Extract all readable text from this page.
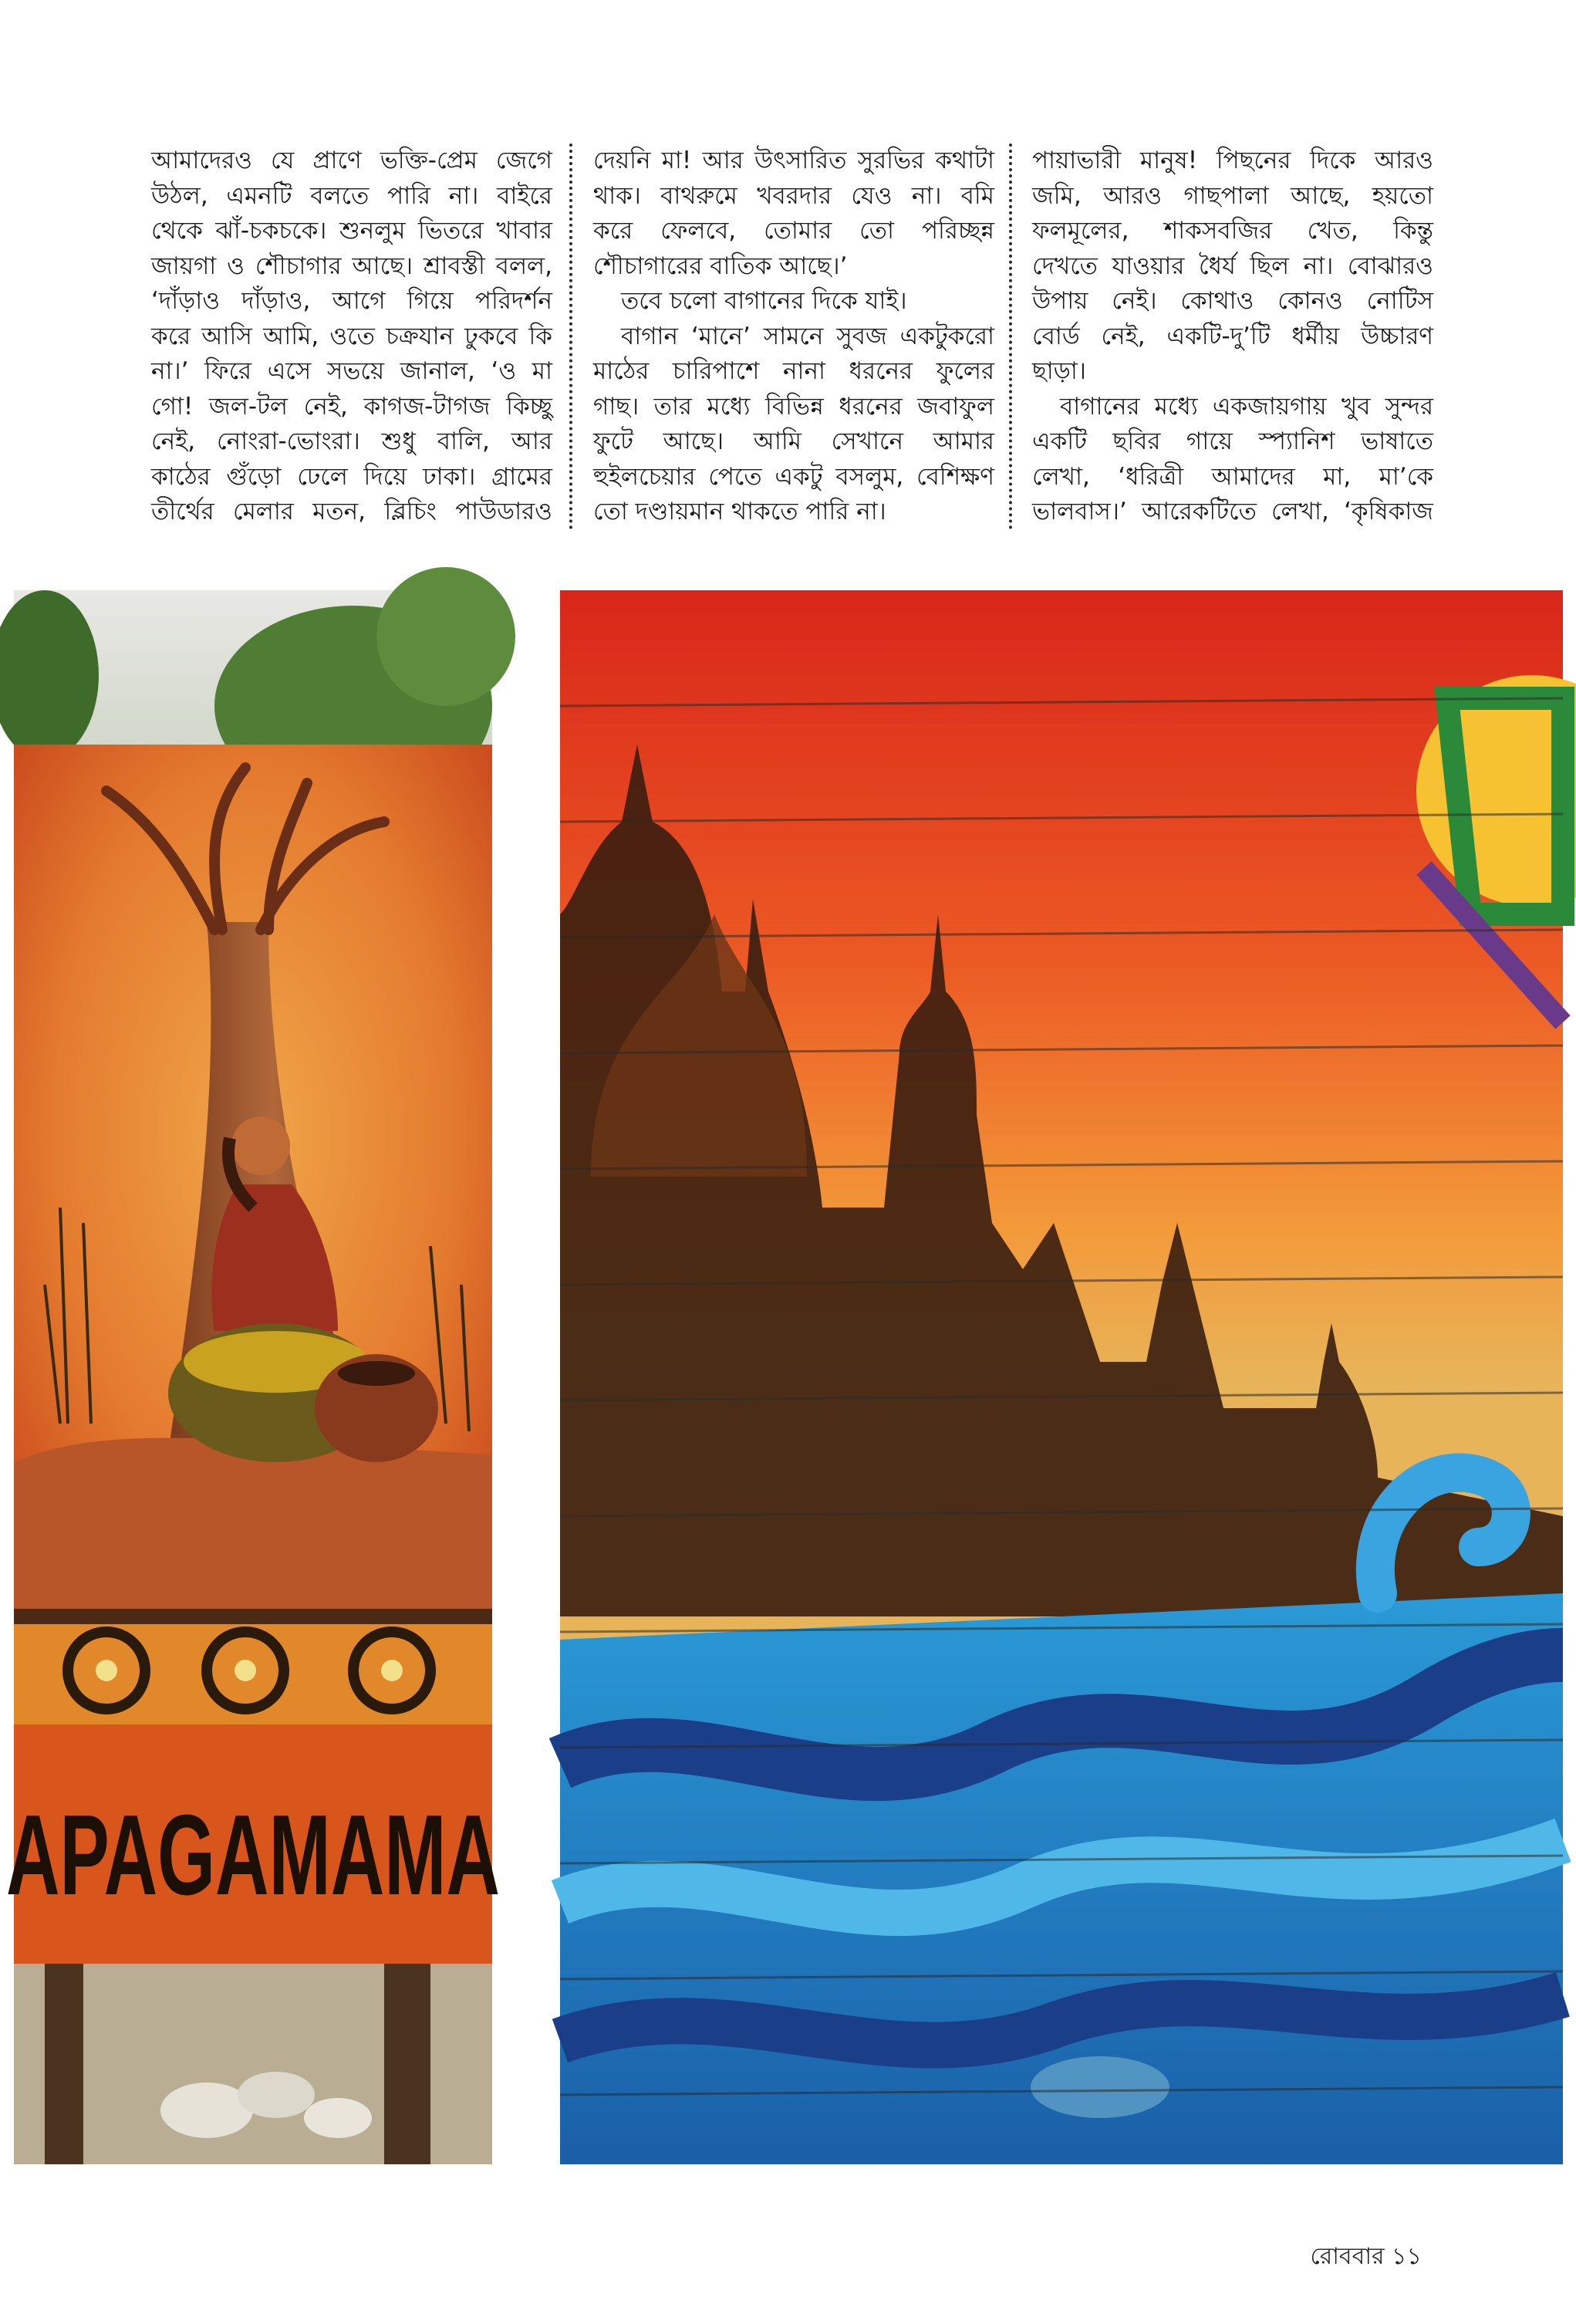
আমাদেরও যে প্রাণে ভক্তি-প্রেম জেগে

উঠল, এমনটি বলতে পারি না। বাইরে

থেকে ঝাঁ-চকচকে। শুনলুম ভিতরে খাবার

জায়গা ও শৌচাগার আছে। শ্রাবস্তী বলল,

‘দাঁড়াও দাঁড়াও, আগে গিয়ে পরিদর্শন

করে আসি আমি, ওতে চক্রযান ঢুকবে কি

না।’ ফিরে এসে সভয়ে জানাল, ‘ও মা

গো! জল-টল নেই, কাগজ-টাগজ কিচ্ছু

নেই, নোংরা-ভোংরা। শুধু বালি, আর

কাঠের গুঁড়ো ঢেলে দিয়ে ঢাকা। গ্রামের

তীর্থের মেলার মতন, ব্লিচিং পাউডারও

দেয়নি মা! আর উৎসারিত সুরভির কথাটা

থাক। বাথরুমে খবরদার যেও না। বমি

করে ফেলবে, তোমার তো পরিচ্ছন্ন

শৌচাগারের বাতিক আছে।’

তবে চলো বাগানের দিকে যাই।

বাগান ‘মানে’ সামনে সুবজ একটুকরো

মাঠের চারিপাশে নানা ধরনের ফুলের

গাছ। তার মধ্যে বিভিন্ন ধরনের জবাফুল

ফুটে আছে। আমি সেখানে আমার

হুইলচেয়ার পেতে একটু বসলুম, বেশিক্ষণ

তো দণ্ডায়মান থাকতে পারি না।

পায়াভারী মানুষ! পিছনের দিকে আরও

জমি, আরও গাছপালা আছে, হয়তো

ফলমূলের, শাকসবজির খেত, কিন্তু

দেখতে যাওয়ার ধৈর্য ছিল না। বোঝারও

উপায় নেই। কোথাও কোনও নোটিস

বোর্ড নেই, একটি-দু’টি ধর্মীয় উচ্চারণ

ছাড়া।

বাগানের মধ্যে একজায়গায় খুব সুন্দর

একটি ছবির গায়ে স্প্যানিশ ভাষাতে

লেখা, ‘ধরিত্রী আমাদের মা, মা’কে

ভালবাস।’ আরেকটিতে লেখা, ‘কৃষিকাজ

APAGAMAMA
রোববার ১১
